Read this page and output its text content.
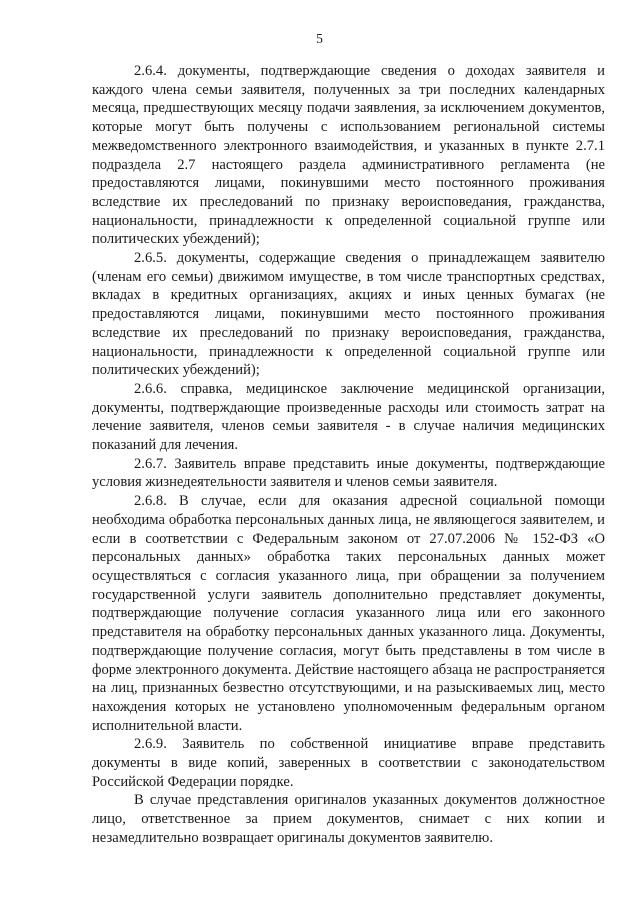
5

2.6.4. документы, подтверждающие сведения о доходах заявителя и каждого члена семьи заявителя, полученных за три последних календарных месяца, предшествующих месяцу подачи заявления, за исключением документов, которые могут быть получены с использованием региональной системы межведомственного электронного взаимодействия, и указанных в пункте 2.7.1 подраздела 2.7 настоящего раздела административного регламента (не предоставляются лицами, покинувшими место постоянного проживания вследствие их преследований по признаку вероисповедания, гражданства, национальности, принадлежности к определенной социальной группе или политических убеждений);

2.6.5. документы, содержащие сведения о принадлежащем заявителю (членам его семьи) движимом имуществе, в том числе транспортных средствах, вкладах в кредитных организациях, акциях и иных ценных бумагах (не предоставляются лицами, покинувшими место постоянного проживания вследствие их преследований по признаку вероисповедания, гражданства, национальности, принадлежности к определенной социальной группе или политических убеждений);

2.6.6. справка, медицинское заключение медицинской организации, документы, подтверждающие произведенные расходы или стоимость затрат на лечение заявителя, членов семьи заявителя - в случае наличия медицинских показаний для лечения.

2.6.7. Заявитель вправе представить иные документы, подтверждающие условия жизнедеятельности заявителя и членов семьи заявителя.

2.6.8. В случае, если для оказания адресной социальной помощи необходима обработка персональных данных лица, не являющегося заявителем, и если в соответствии с Федеральным законом от 27.07.2006 № 152-ФЗ «О персональных данных» обработка таких персональных данных может осуществляться с согласия указанного лица, при обращении за получением государственной услуги заявитель дополнительно представляет документы, подтверждающие получение согласия указанного лица или его законного представителя на обработку персональных данных указанного лица. Документы, подтверждающие получение согласия, могут быть представлены в том числе в форме электронного документа. Действие настоящего абзаца не распространяется на лиц, признанных безвестно отсутствующими, и на разыскиваемых лиц, место нахождения которых не установлено уполномоченным федеральным органом исполнительной власти.

2.6.9. Заявитель по собственной инициативе вправе представить документы в виде копий, заверенных в соответствии с законодательством Российской Федерации порядке.

В случае представления оригиналов указанных документов должностное лицо, ответственное за прием документов, снимает с них копии и незамедлительно возвращает оригиналы документов заявителю.
